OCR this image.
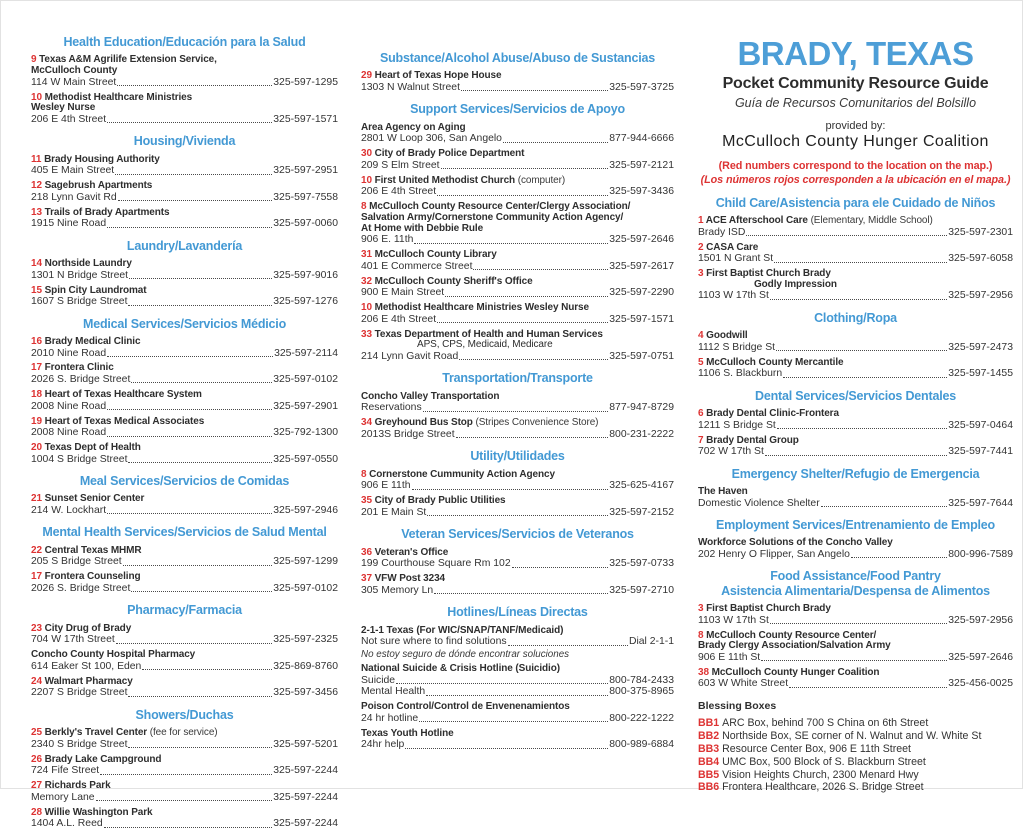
Health Education/Educación para la Salud
9 Texas A&M Agrilife Extension Service,
McCulloch County
114 W Main Street	325-597-1295
10 Methodist Healthcare Ministries
Wesley Nurse
206 E 4th Street	325-597-1571
Housing/Vivienda
11 Brady Housing Authority
405 E Main Street	325-597-2951
12 Sagebrush Apartments
218 Lynn Gavit Rd	325-597-7558
13 Trails of Brady Apartments
1915 Nine Road	325-597-0060
Laundry/Lavandería
14 Northside Laundry
1301 N Bridge Street	325-597-9016
15 Spin City Laundromat
1607 S Bridge Street	325-597-1276
Medical Services/Servicios Médicio
16 Brady Medical Clinic
2010 Nine Road	325-597-2114
17 Frontera Clinic
2026 S. Bridge Street	325-597-0102
18 Heart of Texas Healthcare System
2008 Nine Road	325-597-2901
19 Heart of Texas Medical Associates
2008 Nine Road	325-792-1300
20 Texas Dept of Health
1004 S Bridge Street	325-597-0550
Meal Services/Servicios de Comidas
21 Sunset Senior Center
214 W. Lockhart	325-597-2946
Mental Health Services/Servicios de Salud Mental
22 Central Texas MHMR
205 S Bridge Street	325-597-1299
17 Frontera Counseling
2026 S. Bridge Street	325-597-0102
Pharmacy/Farmacia
23 City Drug of Brady
704 W 17th Street	325-597-2325
Concho County Hospital Pharmacy
614 Eaker St 100, Eden	325-869-8760
24 Walmart Pharmacy
2207 S Bridge Street	325-597-3456
Showers/Duchas
25 Berkly's Travel Center (fee for service)
2340 S Bridge Street	325-597-5201
26 Brady Lake Campground
724 Fife Street	325-597-2244
27 Richards Park
Memory Lane	325-597-2244
28 Willie Washington Park
1404 A.L. Reed	325-597-2244
Substance/Alcohol Abuse/Abuso de Sustancias
29 Heart of Texas Hope House
1303 N Walnut Street	325-597-3725
Support Services/Servicios de Apoyo
Area Agency on Aging
2801 W Loop 306, San Angelo	877-944-6666
30 City of Brady Police Department
209 S Elm Street	325-597-2121
10 First United Methodist Church (computer)
206 E 4th Street	325-597-3436
8 McCulloch County Resource Center/Clergy Association/
Salvation Army/Cornerstone Community Action Agency/
At Home with Debbie Rule
906 E. 11th	325-597-2646
31 McCulloch County Library
401 E Commerce Street	325-597-2617
32 McCulloch County Sheriff's Office
900 E Main Street	325-597-2290
10 Methodist Healthcare Ministries Wesley Nurse
206 E 4th Street	325-597-1571
33 Texas Department of Health and Human Services
APS, CPS, Medicaid, Medicare
214 Lynn Gavit Road	325-597-0751
Transportation/Transporte
Concho Valley Transportation
Reservations	877-947-8729
34 Greyhound Bus Stop (Stripes Convenience Store)
2013S Bridge Street	800-231-2222
Utility/Utilidades
8 Cornerstone Cummunity Action Agency
906 E 11th	325-625-4167
35 City of Brady Public Utilities
201 E Main St	325-597-2152
Veteran Services/Servicios de Veteranos
36 Veteran's Office
199 Courthouse Square Rm 102	325-597-0733
37 VFW Post 3234
305 Memory Ln	325-597-2710
Hotlines/Líneas Directas
2-1-1 Texas (For WIC/SNAP/TANF/Medicaid)
Not sure where to find solutions	Dial 2-1-1
No estoy seguro de dónde encontrar soluciones
National Suicide & Crisis Hotline (Suicidio)
Suicide	800-784-2433
Mental Health	800-375-8965
Poison Control/Control de Envenenamientos
24 hr hotline	800-222-1222
Texas Youth Hotline
24hr help	800-989-6884
BRADY, TEXAS
Pocket Community Resource Guide
Guía de Recursos Comunitarios del Bolsillo
provided by:
McCulloch County Hunger Coalition
(Red numbers correspond to the location on the map.)
(Los números rojos corresponden a la ubicación en el mapa.)
Child Care/Asistencia para ele Cuidado de Niños
1 ACE Afterschool Care (Elementary, Middle School)
Brady ISD	325-597-2301
2 CASA Care
1501 N Grant St	325-597-6058
3 First Baptist Church Brady
Godly Impression
1103 W 17th St	325-597-2956
Clothing/Ropa
4 Goodwill
1112 S Bridge St	325-597-2473
5 McCulloch County Mercantile
1106 S. Blackburn	325-597-1455
Dental Services/Servicios Dentales
6 Brady Dental Clinic-Frontera
1211 S Bridge St	325-597-0464
7 Brady Dental Group
702 W 17th St	325-597-7441
Emergency Shelter/Refugio de Emergencia
The Haven
Domestic Violence Shelter	325-597-7644
Employment Services/Entrenamiento de Empleo
Workforce Solutions of the Concho Valley
202 Henry O Flipper, San Angelo	800-996-7589
Food Assistance/Food Pantry
Asistencia Alimentaria/Despensa de Alimentos
3 First Baptist Church Brady
1103 W 17th St	325-597-2956
8 McCulloch County Resource Center/
Brady Clergy Association/Salvation Army
906 E 11th St	325-597-2646
38 McCulloch County Hunger Coalition
603 W White Street	325-456-0025
Blessing Boxes
BB1 ARC Box, behind 700 S China on 6th Street
BB2 Northside Box, SE corner of N. Walnut and W. White St
BB3 Resource Center Box, 906 E 11th Street
BB4 UMC Box, 500 Block of S. Blackburn Street
BB5 Vision Heights Church, 2300 Menard Hwy
BB6 Frontera Healthcare, 2026 S. Bridge Street
